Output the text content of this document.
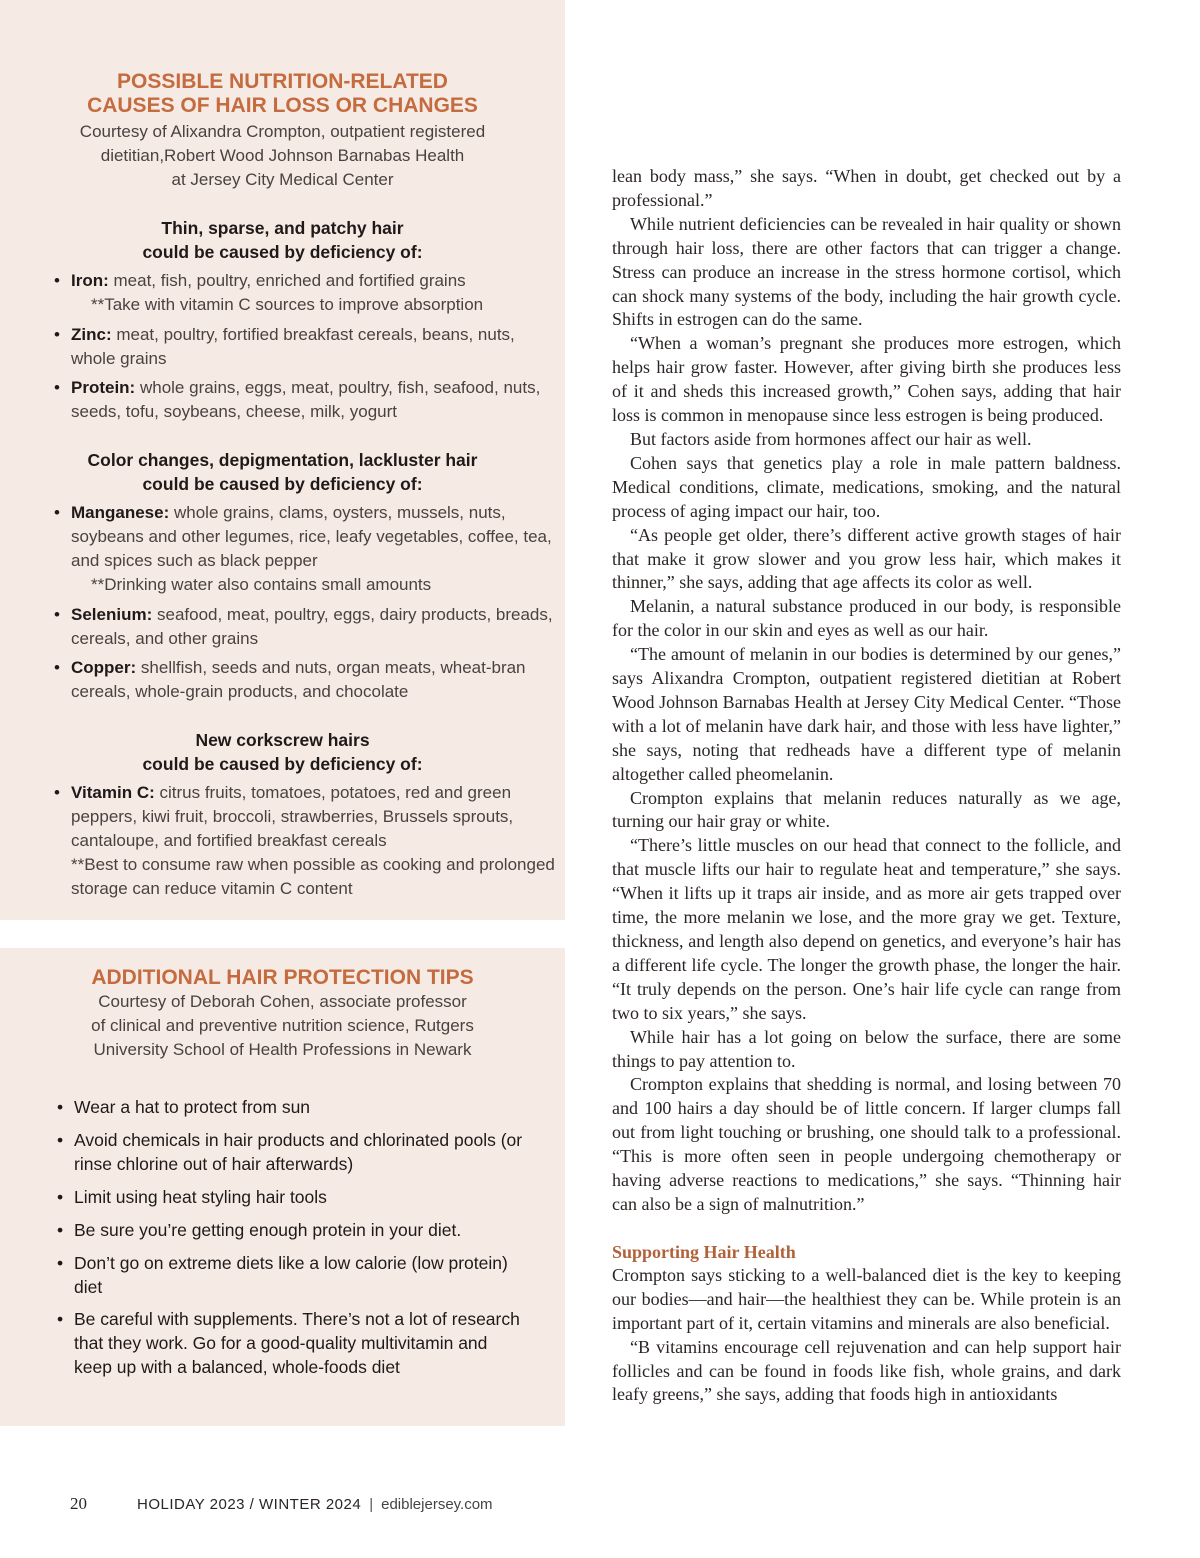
POSSIBLE NUTRITION-RELATED
CAUSES OF HAIR LOSS OR CHANGES
Courtesy of Alixandra Crompton, outpatient registered
dietitian,Robert Wood Johnson Barnabas Health
at Jersey City Medical Center
Thin, sparse, and patchy hair
could be caused by deficiency of:
• Iron: meat, fish, poultry, enriched and fortified grains
**Take with vitamin C sources to improve absorption
• Zinc: meat, poultry, fortified breakfast cereals, beans, nuts, whole grains
• Protein: whole grains, eggs, meat, poultry, fish, seafood, nuts, seeds, tofu, soybeans, cheese, milk, yogurt
Color changes, depigmentation, lackluster hair
could be caused by deficiency of:
• Manganese: whole grains, clams, oysters, mussels, nuts, soybeans and other legumes, rice, leafy vegetables, coffee, tea, and spices such as black pepper
**Drinking water also contains small amounts
• Selenium: seafood, meat, poultry, eggs, dairy products, breads, cereals, and other grains
• Copper: shellfish, seeds and nuts, organ meats, wheat-bran cereals, whole-grain products, and chocolate
New corkscrew hairs
could be caused by deficiency of:
• Vitamin C: citrus fruits, tomatoes, potatoes, red and green peppers, kiwi fruit, broccoli, strawberries, Brussels sprouts, cantaloupe, and fortified breakfast cereals
**Best to consume raw when possible as cooking and prolonged storage can reduce vitamin C content
ADDITIONAL HAIR PROTECTION TIPS
Courtesy of Deborah Cohen, associate professor
of clinical and preventive nutrition science, Rutgers
University School of Health Professions in Newark
• Wear a hat to protect from sun
• Avoid chemicals in hair products and chlorinated pools (or rinse chlorine out of hair afterwards)
• Limit using heat styling hair tools
• Be sure you’re getting enough protein in your diet.
• Don’t go on extreme diets like a low calorie (low protein) diet
• Be careful with supplements. There’s not a lot of research that they work. Go for a good-quality multivitamin and keep up with a balanced, whole-foods diet

lean body mass,” she says. “When in doubt, get checked out by a professional.”

While nutrient deficiencies can be revealed in hair quality or shown through hair loss, there are other factors that can trigger a change. Stress can produce an increase in the stress hormone cortisol, which can shock many systems of the body, including the hair growth cycle. Shifts in estrogen can do the same.

“When a woman’s pregnant she produces more estrogen, which helps hair grow faster. However, after giving birth she produces less of it and sheds this increased growth,” Cohen says, adding that hair loss is common in menopause since less estrogen is being produced.

But factors aside from hormones affect our hair as well.

Cohen says that genetics play a role in male pattern baldness. Medical conditions, climate, medications, smoking, and the natural process of aging impact our hair, too.

“As people get older, there’s different active growth stages of hair that make it grow slower and you grow less hair, which makes it thinner,” she says, adding that age affects its color as well.

Melanin, a natural substance produced in our body, is responsible for the color in our skin and eyes as well as our hair.

“The amount of melanin in our bodies is determined by our genes,” says Alixandra Crompton, outpatient registered dietitian at Robert Wood Johnson Barnabas Health at Jersey City Medical Center. “Those with a lot of melanin have dark hair, and those with less have lighter,” she says, noting that redheads have a different type of melanin altogether called pheomelanin.

Crompton explains that melanin reduces naturally as we age, turning our hair gray or white.

“There’s little muscles on our head that connect to the follicle, and that muscle lifts our hair to regulate heat and temperature,” she says. “When it lifts up it traps air inside, and as more air gets trapped over time, the more melanin we lose, and the more gray we get. Texture, thickness, and length also depend on genetics, and everyone’s hair has a different life cycle. The longer the growth phase, the longer the hair. “It truly depends on the person. One’s hair life cycle can range from two to six years,” she says.

While hair has a lot going on below the surface, there are some things to pay attention to.

Crompton explains that shedding is normal, and losing between 70 and 100 hairs a day should be of little concern. If larger clumps fall out from light touching or brushing, one should talk to a professional. “This is more often seen in people undergoing chemotherapy or having adverse reactions to medications,” she says. “Thinning hair can also be a sign of malnutrition.”

Supporting Hair Health

Crompton says sticking to a well-balanced diet is the key to keeping our bodies—and hair—the healthiest they can be. While protein is an important part of it, certain vitamins and minerals are also beneficial.

“B vitamins encourage cell rejuvenation and can help support hair follicles and can be found in foods like fish, whole grains, and dark leafy greens,” she says, adding that foods high in antioxidants

20	HOLIDAY 2023 / WINTER 2024 | ediblejersey.com
